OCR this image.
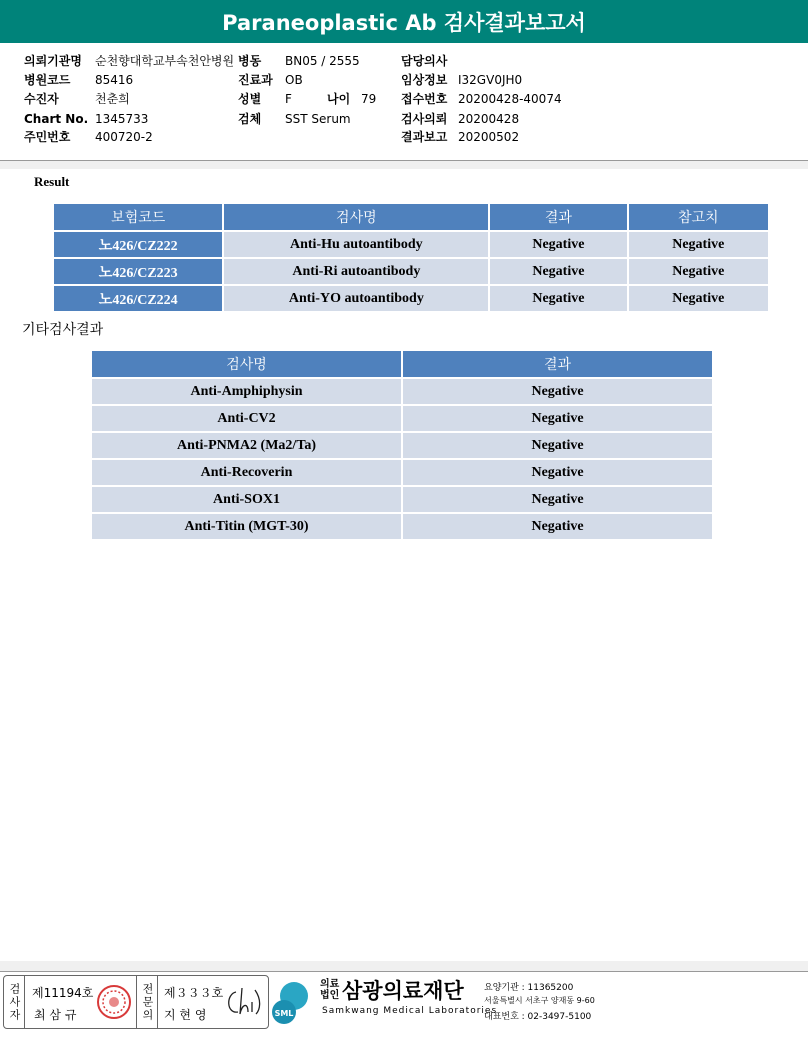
Paraneoplastic Ab 검사결과보고서
의뢰기관명 순천향대학교부속천안병원
병원코드 85416
수진자	천춘희
Chart No. 1345733
주민번호 400720-2
병동 BN05 / 2555
진료과 OB
성별 F	나이 79
검체 SST Serum
담당의사
임상정보 I32GV0JH0
접수번호 20200428-40074
검사의뢰 20200428
결과보고 20200502
Result
보험코드	검사명	결과	참고치
노426/CZ222	Anti-Hu autoantibody	Negative	Negative
노426/CZ223	Anti-Ri autoantibody	Negative	Negative
노426/CZ224	Anti-YO autoantibody	Negative	Negative
기타검사결과
검사명	결과
Anti-Amphiphysin	Negative
Anti-CV2	Negative
Anti-PNMA2 (Ma2/Ta)	Negative
Anti-Recoverin	Negative
Anti-SOX1	Negative
Anti-Titin (MGT-30)	Negative
검사자 제11194호
최 삼 규	전문의 제３３３호
지 현 영	SML
의료법인 삼광의료재단
Samkwang Medical Laboratories
요양기관 : 11365200
서울특별시 서초구 양재동 9-60
대표번호 : 02-3497-5100
